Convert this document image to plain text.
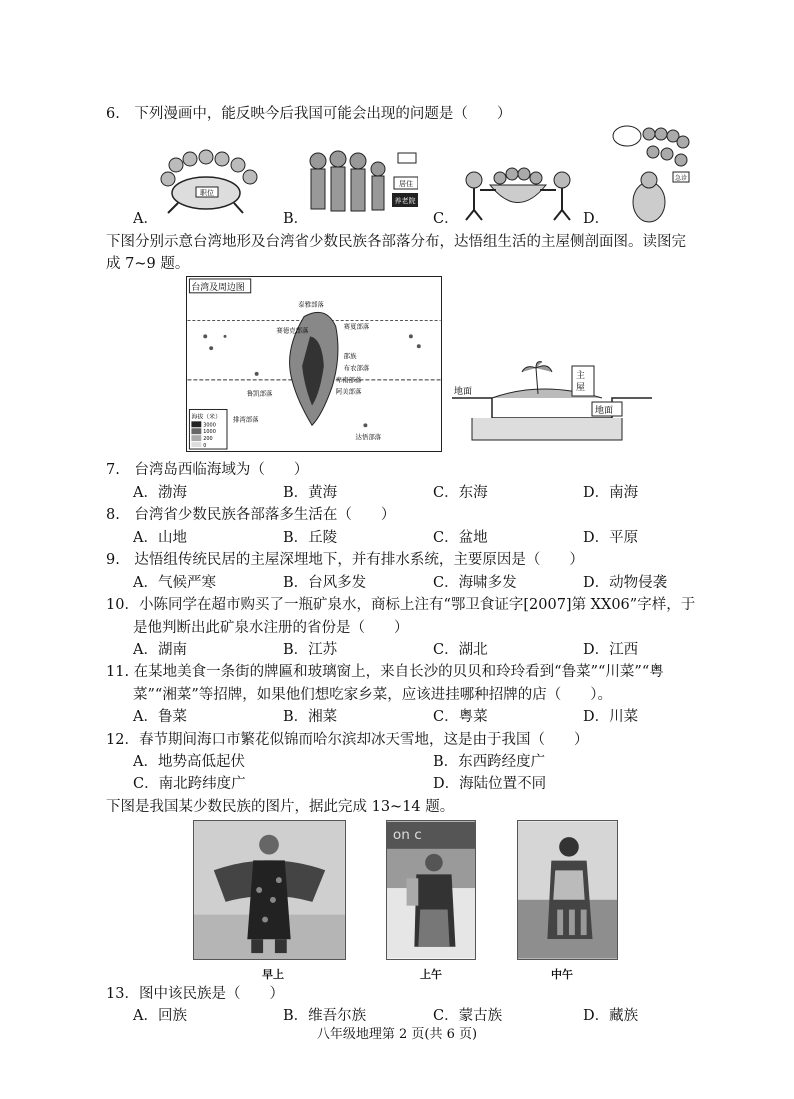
6.　下列漫画中，能反映今后我国可能会出现的问题是（　　）
职位
居住
养老院
急诊
A．	B．	C．	D．
下图分别示意台湾地形及台湾省少数民族各部落分布，达悟组生活的主屋侧剖面图。读图完
成 7~9 题。
台湾及周边图
海拔（米）
3000
1000
200
0
泰雅部落
赛夏部落
赛德克部落
邵族
布农部落
鲁凯部落
卑南部落
阿美部落
排湾部落
达悟部落
主
屋
地面
地面
7.　台湾岛西临海域为（　　）
A．渤海	B．黄海	C．东海	D．南海
8.　台湾省少数民族各部落多生活在（　　）
A．山地	B．丘陵	C．盆地	D．平原
9.　达悟组传统民居的主屋深埋地下，并有排水系统，主要原因是（　　）
A．气候严寒	B．台风多发	C．海啸多发	D．动物侵袭
10．小陈同学在超市购买了一瓶矿泉水，商标上注有“鄂卫食证字[2007]第 XX06”字样，于
是他判断出此矿泉水注册的省份是（　　）
A．湖南	B．江苏	C．湖北	D．江西
11. 在某地美食一条街的牌匾和玻璃窗上，来自长沙的贝贝和玲玲看到“鲁菜”“川菜”“粤
菜”“湘菜”等招牌，如果他们想吃家乡菜，应该进挂哪种招牌的店（　　）。
A．鲁菜	B．湘菜	C．粤菜	D．川菜
12．春节期间海口市繁花似锦而哈尔滨却冰天雪地，这是由于我国（　　）
A．地势高低起伏	B．东西跨经度广
C．南北跨纬度广	D．海陆位置不同
下图是我国某少数民族的图片，据此完成 13~14 题。
on c
早上	上午	中午
13．图中该民族是（　　）
A．回族	B．维吾尔族	C．蒙古族	D．藏族
八年级地理第 2 页(共 6 页)
